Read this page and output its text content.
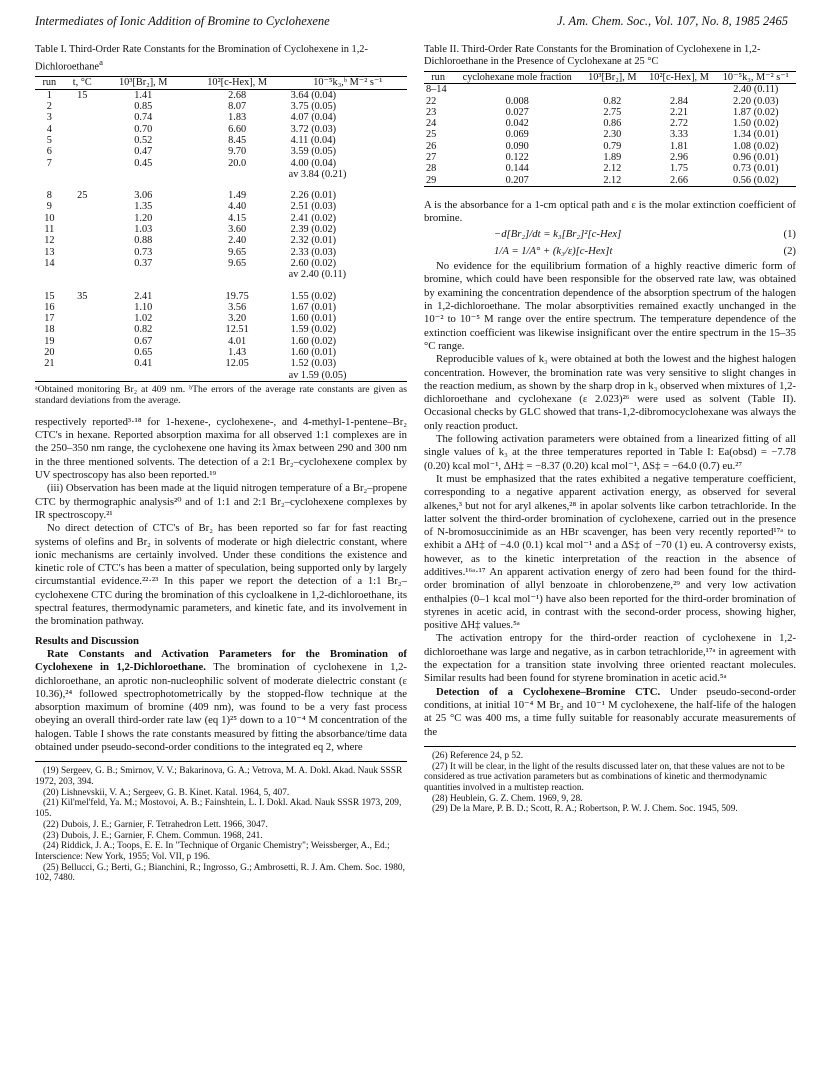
Intermediates of Ionic Addition of Bromine to Cyclohexene	J. Am. Chem. Soc., Vol. 107, No. 8, 1985 2465
Table I. Third-Order Rate Constants for the Bromination of Cyclohexene in 1,2-Dichloroethane$^a$
run	t, °C	10³[Br₂], M	10²[c-Hex], M	10⁻⁵k₃,ᵇ M⁻² s⁻¹
1	15	1.41	2.68	3.64 (0.04)
2		0.85	8.07	3.75 (0.05)
3		0.74	1.83	4.07 (0.04)
4		0.70	6.60	3.72 (0.03)
5		0.52	8.45	4.11 (0.04)
6		0.47	9.70	3.59 (0.05)
7		0.45	20.0	4.00 (0.04)
				av 3.84 (0.21)

8	25	3.06	1.49	2.26 (0.01)
9		1.35	4.40	2.51 (0.03)
10		1.20	4.15	2.41 (0.02)
11		1.03	3.60	2.39 (0.02)
12		0.88	2.40	2.32 (0.01)
13		0.73	9.65	2.33 (0.03)
14		0.37	9.65	2.60 (0.02)
				av 2.40 (0.11)

15	35	2.41	19.75	1.55 (0.02)
16		1.10	3.56	1.67 (0.01)
17		1.02	3.20	1.60 (0.01)
18		0.82	12.51	1.59 (0.02)
19		0.67	4.01	1.60 (0.02)
20		0.65	1.43	1.60 (0.01)
21		0.41	12.05	1.52 (0.03)
				av 1.59 (0.05)
ᵃObtained monitoring Br₂ at 409 nm. ᵇThe errors of the average rate constants are given as standard deviations from the average.

respectively reported³·¹⁸ for 1-hexene-, cyclohexene-, and 4-methyl-1-pentene–Br₂ CTC's in hexane. Reported absorption maxima for all observed 1:1 complexes are in the 250–350 nm range, the cyclohexene one having its λmax between 290 and 300 nm in the three mentioned solvents. The detection of a 2:1 Br₂–cyclohexene complex by UV spectroscopy has also been reported.¹⁹

(iii) Observation has been made at the liquid nitrogen temperature of a Br₂–propene CTC by thermographic analysis²⁰ and of 1:1 and 2:1 Br₂–cyclohexene complexes by IR spectroscopy.²¹

No direct detection of CTC's of Br₂ has been reported so far for fast reacting systems of olefins and Br₂ in solvents of moderate or high dielectric constant, where ionic mechanisms are certainly involved. Under these conditions the existence and kinetic role of CTC's has been a matter of speculation, being supported only by largely circumstantial evidence.²²·²³ In this paper we report the detection of a 1:1 Br₂–cyclohexene CTC during the bromination of this cycloalkene in 1,2-dichloroethane, its spectral features, thermodynamic parameters, and kinetic fate, and its involvement in the bromination pathway.

Results and Discussion

Rate Constants and Activation Parameters for the Bromination of Cyclohexene in 1,2-Dichloroethane. The bromination of cyclohexene in 1,2-dichloroethane, an aprotic non-nucleophilic solvent of moderate dielectric constant (ε 10.36),²⁴ followed spectrophotometrically by the stopped-flow technique at the absorption maximum of bromine (409 nm), was found to be a very fast process obeying an overall third-order rate law (eq 1)²⁵ down to a 10⁻⁴ M concentration of the halogen. Table I shows the rate constants measured by fitting the absorbance/time data obtained under pseudo-second-order conditions to the integrated eq 2, where

(19) Sergeev, G. B.; Smirnov, V. V.; Bakarinova, G. A.; Vetrova, M. A. Dokl. Akad. Nauk SSSR 1972, 203, 394.
(20) Lishnevskii, V. A.; Sergeev, G. B. Kinet. Katal. 1964, 5, 407.
(21) Kil'mel'feld, Ya. M.; Mostovoi, A. B.; Fainshtein, L. I. Dokl. Akad. Nauk SSSR 1973, 209, 105.
(22) Dubois, J. E.; Garnier, F. Tetrahedron Lett. 1966, 3047.
(23) Dubois, J. E.; Garnier, F. Chem. Commun. 1968, 241.
(24) Riddick, J. A.; Toops, E. E. In "Technique of Organic Chemistry"; Weissberger, A., Ed.; Interscience: New York, 1955; Vol. VII, p 196.
(25) Bellucci, G.; Berti, G.; Bianchini, R.; Ingrosso, G.; Ambrosetti, R. J. Am. Chem. Soc. 1980, 102, 7480.
Table II. Third-Order Rate Constants for the Bromination of Cyclohexene in 1,2-Dichloroethane in the Presence of Cyclohexane at 25 °C
run	cyclohexane mole fraction	10³[Br₂], M	10²[c-Hex], M	10⁻⁵k₃, M⁻² s⁻¹
8–14				2.40 (0.11)
22	0.008	0.82	2.84	2.20 (0.03)
23	0.027	2.75	2.21	1.87 (0.02)
24	0.042	0.86	2.72	1.50 (0.02)
25	0.069	2.30	3.33	1.34 (0.01)
26	0.090	0.79	1.81	1.08 (0.02)
27	0.122	1.89	2.96	0.96 (0.01)
28	0.144	2.12	1.75	0.73 (0.01)
29	0.207	2.12	2.66	0.56 (0.02)

A is the absorbance for a 1-cm optical path and ε is the molar extinction coefficient of bromine.

−d[Br₂]/dt = k₃[Br₂]²[c-Hex]	(1)
1/A = 1/A° + (k₃/ε)[c-Hex]t	(2)

No evidence for the equilibrium formation of a highly reactive dimeric form of bromine, which could have been responsible for the observed rate law, was obtained by examining the concentration dependence of the absorption spectrum of the halogen in 1,2-dichloroethane. The molar absorptivities remained exactly unchanged in the 10⁻² to 10⁻⁵ M range over the entire spectrum. The temperature dependence of the extinction coefficient was likewise insignificant over the entire spectrum in the 15–35 °C range.

Reproducible values of k₃ were obtained at both the lowest and the highest halogen concentration. However, the bromination rate was very sensitive to slight changes in the reaction medium, as shown by the sharp drop in k₃ observed when mixtures of 1,2-dichloroethane and cyclohexane (ε 2.023)²⁶ were used as solvent (Table II). Occasional checks by GLC showed that trans-1,2-dibromocyclohexane was always the only reaction product.

The following activation parameters were obtained from a linearized fitting of all single values of k₃ at the three temperatures reported in Table I: Ea(obsd) = −7.78 (0.20) kcal mol⁻¹, ΔH‡ = −8.37 (0.20) kcal mol⁻¹, ΔS‡ = −64.0 (0.7) eu.²⁷

It must be emphasized that the rates exhibited a negative temperature coefficient, corresponding to a negative apparent activation energy, as observed for several alkenes,³ but not for aryl alkenes,²⁸ in apolar solvents like carbon tetrachloride. In the latter solvent the third-order bromination of cyclohexene, carried out in the presence of N-bromosuccinimide as an HBr scavenger, has been very recently reported¹⁷ᵃ to exhibit a ΔH‡ of −4.0 (0.1) kcal mol⁻¹ and a ΔS‡ of −70 (1) eu. A controversy exists, however, as to the kinetic interpretation of the reaction in the absence of additives.¹⁶ᵃ·¹⁷ An apparent activation energy of zero had been found for the third-order bromination of allyl benzoate in chlorobenzene,²⁹ and very low activation enthalpies (0–1 kcal mol⁻¹) have also been reported for the third-order bromination of styrenes in acetic acid, in contrast with the second-order process, showing higher, positive ΔH‡ values.⁵ᵃ

The activation entropy for the third-order reaction of cyclohexene in 1,2-dichloroethane was large and negative, as in carbon tetrachloride,¹⁷ᵃ in agreement with the expectation for a transition state involving three oriented reactant molecules. Similar results had been found for styrene bromination in acetic acid.⁵ᵃ

Detection of a Cyclohexene–Bromine CTC. Under pseudo-second-order conditions, at initial 10⁻⁴ M Br₂ and 10⁻¹ M cyclohexene, the half-life of the halogen at 25 °C was 400 ms, a time fully suitable for reasonably accurate measurements of the

(26) Reference 24, p 52.
(27) It will be clear, in the light of the results discussed later on, that these values are not to be considered as true activation parameters but as combinations of kinetic and thermodynamic quantities involved in a multistep reaction.
(28) Heublein, G. Z. Chem. 1969, 9, 28.
(29) De la Mare, P. B. D.; Scott, R. A.; Robertson, P. W. J. Chem. Soc. 1945, 509.
